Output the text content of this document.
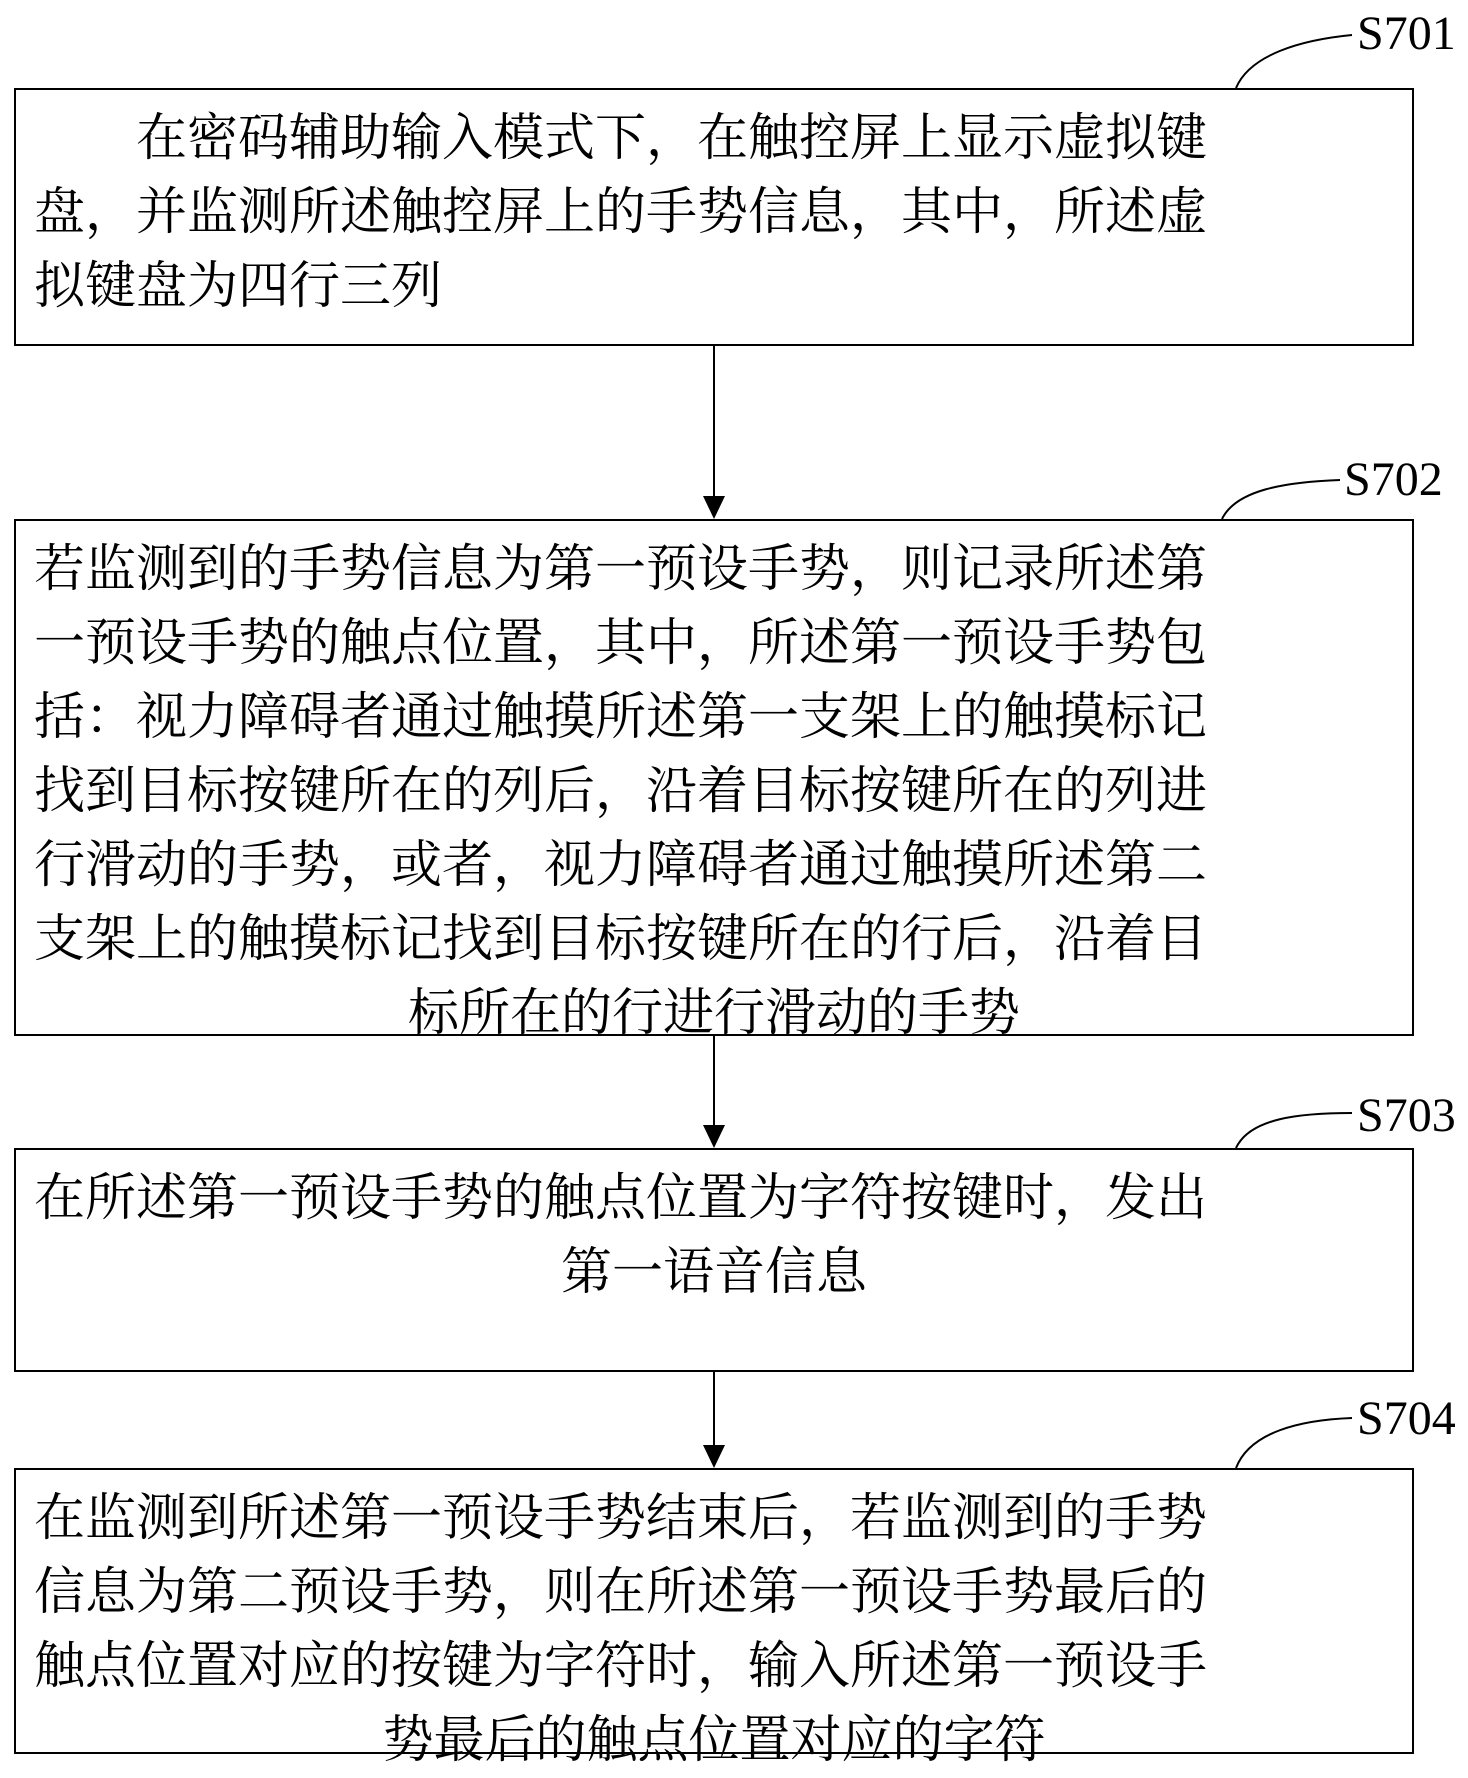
S701
S702
S703
S704
　　在密码辅助输入模式下，在触控屏上显示虚拟键
盘，并监测所述触控屏上的手势信息，其中，所述虚
拟键盘为四行三列
若监测到的手势信息为第一预设手势，则记录所述第
一预设手势的触点位置，其中，所述第一预设手势包
括：视力障碍者通过触摸所述第一支架上的触摸标记
找到目标按键所在的列后，沿着目标按键所在的列进
行滑动的手势，或者，视力障碍者通过触摸所述第二
支架上的触摸标记找到目标按键所在的行后，沿着目
标所在的行进行滑动的手势
在所述第一预设手势的触点位置为字符按键时，发出
第一语音信息
在监测到所述第一预设手势结束后，若监测到的手势
信息为第二预设手势，则在所述第一预设手势最后的
触点位置对应的按键为字符时，输入所述第一预设手
势最后的触点位置对应的字符
